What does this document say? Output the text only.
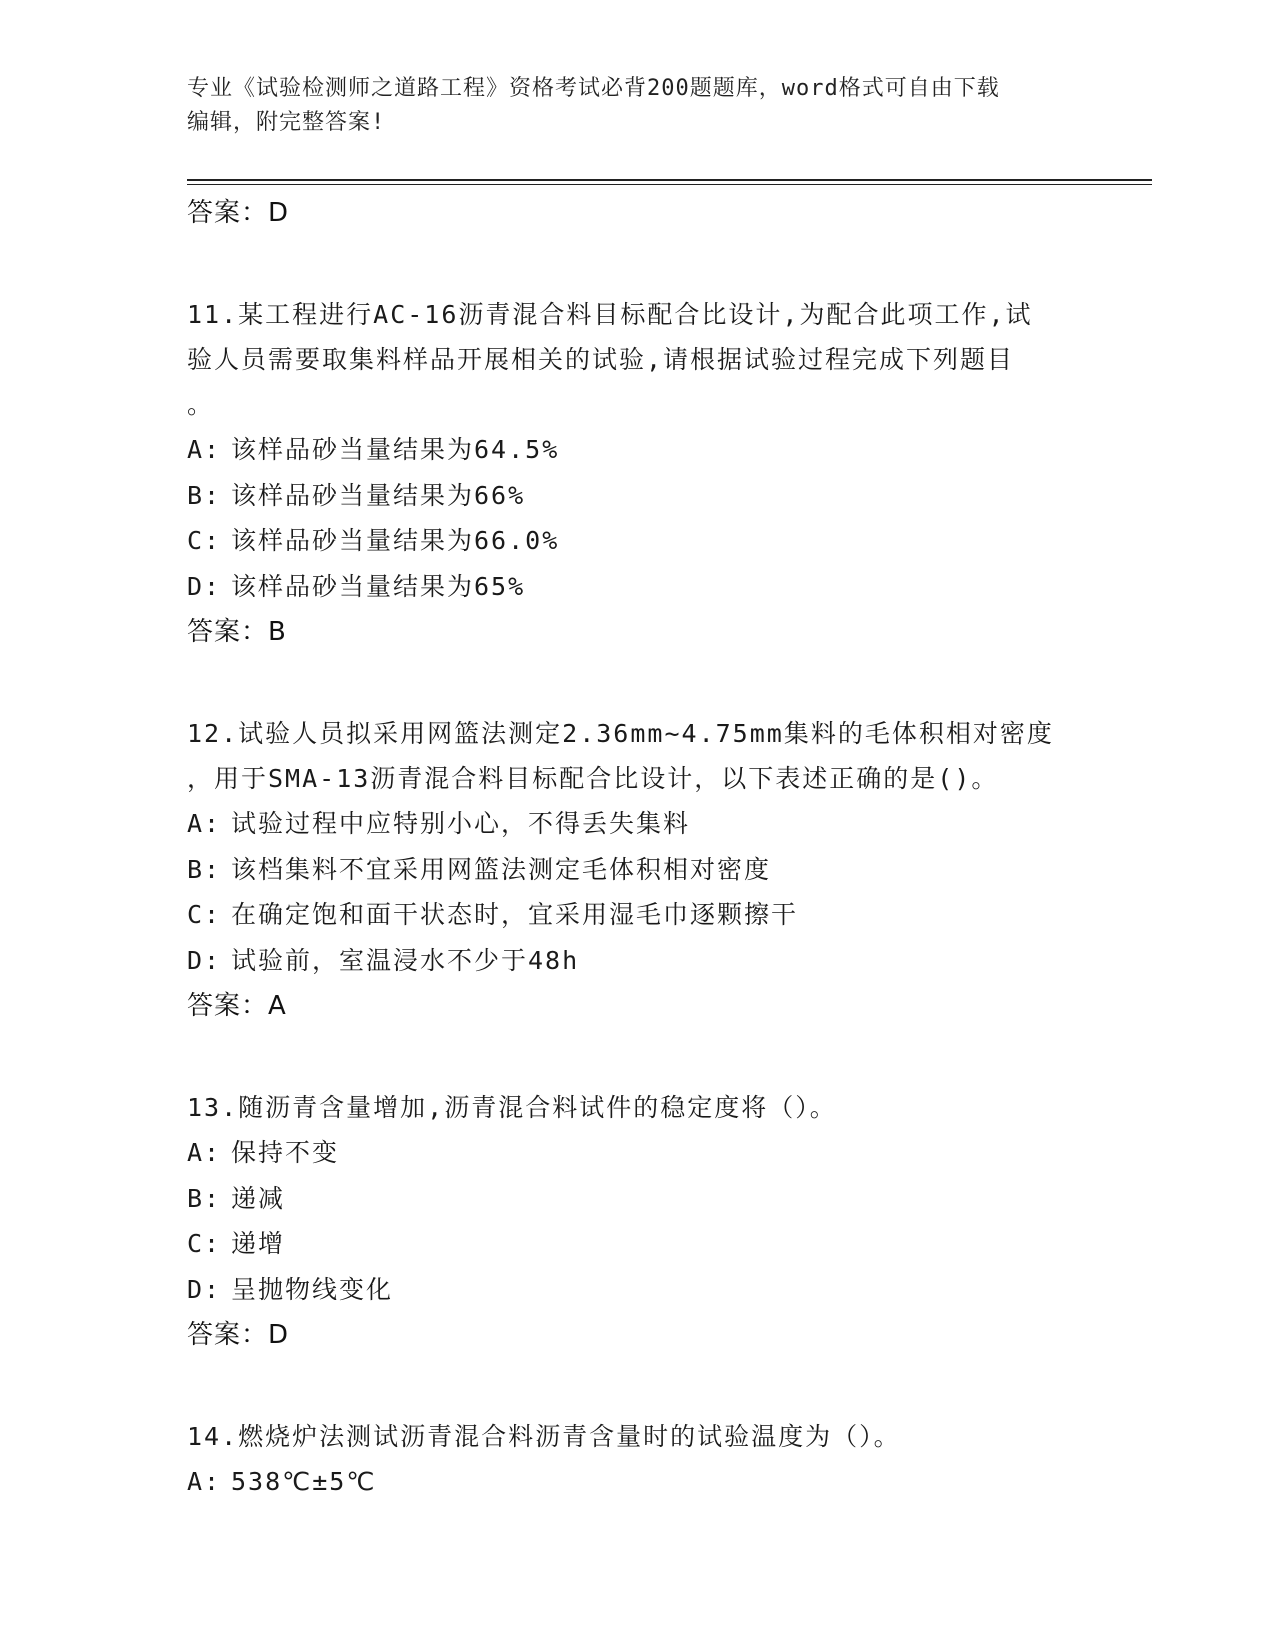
专业《试验检测师之道路工程》资格考试必背200题题库，word格式可自由下载
编辑，附完整答案!
答案：D
11.某工程进行AC-16沥青混合料目标配合比设计,为配合此项工作,试
验人员需要取集料样品开展相关的试验,请根据试验过程完成下列题目
。
A: 该样品砂当量结果为64.5%
B: 该样品砂当量结果为66%
C: 该样品砂当量结果为66.0%
D: 该样品砂当量结果为65%
答案：B
12.试验人员拟采用网篮法测定2.36mm~4.75mm集料的毛体积相对密度
，用于SMA-13沥青混合料目标配合比设计，以下表述正确的是()。
A: 试验过程中应特别小心，不得丢失集料
B: 该档集料不宜采用网篮法测定毛体积相对密度
C: 在确定饱和面干状态时，宜采用湿毛巾逐颗擦干
D: 试验前，室温浸水不少于48h
答案：A
13.随沥青含量增加,沥青混合料试件的稳定度将（）。
A: 保持不变
B: 递减
C: 递增
D: 呈抛物线变化
答案：D
14.燃烧炉法测试沥青混合料沥青含量时的试验温度为（）。
A: 538℃±5℃
